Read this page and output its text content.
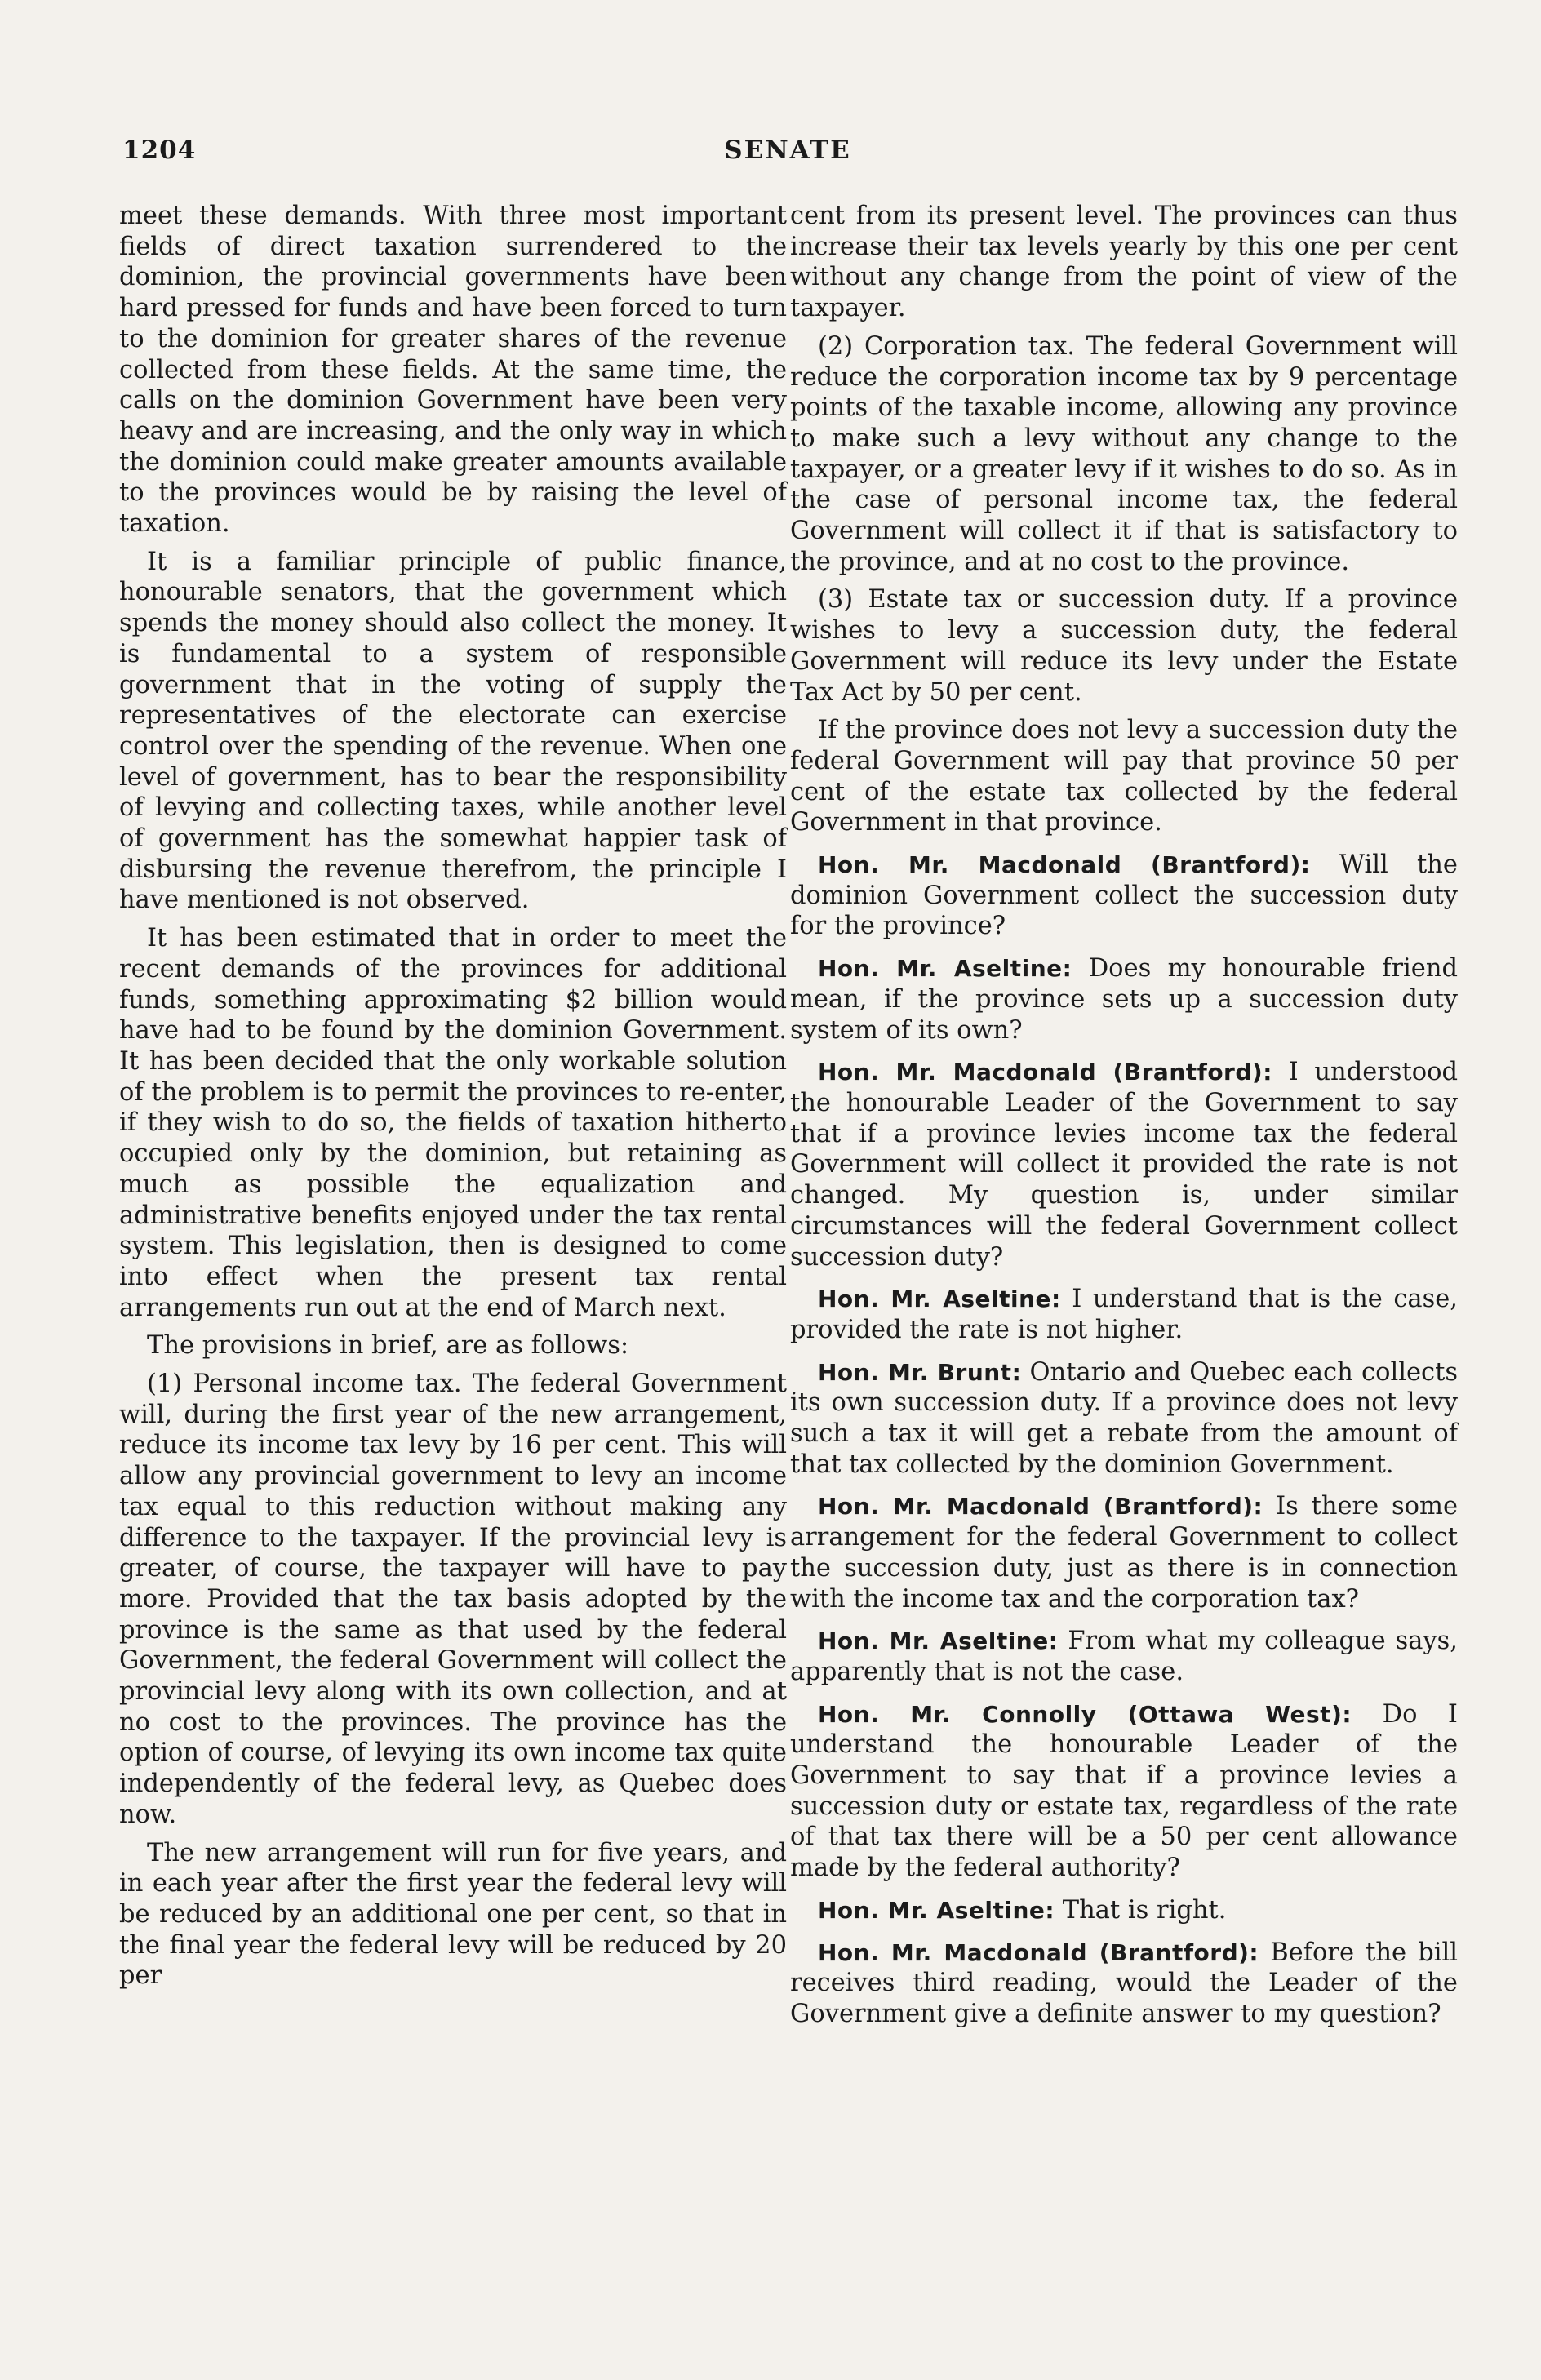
1204	SENATE

meet these demands. With three most important fields of direct taxation surrendered to the dominion, the provincial governments have been hard pressed for funds and have been forced to turn to the dominion for greater shares of the revenue collected from these fields. At the same time, the calls on the dominion Government have been very heavy and are increasing, and the only way in which the dominion could make greater amounts available to the provinces would be by raising the level of taxation.

It is a familiar principle of public finance, honourable senators, that the government which spends the money should also collect the money. It is fundamental to a system of responsible government that in the voting of supply the representatives of the electorate can exercise control over the spending of the revenue. When one level of government, has to bear the responsibility of levying and collecting taxes, while another level of government has the somewhat happier task of disbursing the revenue therefrom, the principle I have mentioned is not observed.

It has been estimated that in order to meet the recent demands of the provinces for additional funds, something approximating $2 billion would have had to be found by the dominion Government. It has been decided that the only workable solution of the problem is to permit the provinces to re-enter, if they wish to do so, the fields of taxation hitherto occupied only by the dominion, but retaining as much as possible the equalization and administrative benefits enjoyed under the tax rental system. This legislation, then is designed to come into effect when the present tax rental arrangements run out at the end of March next.

The provisions in brief, are as follows:

(1) Personal income tax. The federal Government will, during the first year of the new arrangement, reduce its income tax levy by 16 per cent. This will allow any provincial government to levy an income tax equal to this reduction without making any difference to the taxpayer. If the provincial levy is greater, of course, the taxpayer will have to pay more. Provided that the tax basis adopted by the province is the same as that used by the federal Government, the federal Government will collect the provincial levy along with its own collection, and at no cost to the provinces. The province has the option of course, of levying its own income tax quite independently of the federal levy, as Quebec does now.

The new arrangement will run for five years, and in each year after the first year the federal levy will be reduced by an additional one per cent, so that in the final year the federal levy will be reduced by 20 per

cent from its present level. The provinces can thus increase their tax levels yearly by this one per cent without any change from the point of view of the taxpayer.

(2) Corporation tax. The federal Government will reduce the corporation income tax by 9 percentage points of the taxable income, allowing any province to make such a levy without any change to the taxpayer, or a greater levy if it wishes to do so. As in the case of personal income tax, the federal Government will collect it if that is satisfactory to the province, and at no cost to the province.

(3) Estate tax or succession duty. If a province wishes to levy a succession duty, the federal Government will reduce its levy under the Estate Tax Act by 50 per cent.

If the province does not levy a succession duty the federal Government will pay that province 50 per cent of the estate tax collected by the federal Government in that province.

Hon. Mr. Macdonald (Brantford): Will the dominion Government collect the succession duty for the province?

Hon. Mr. Aseltine: Does my honourable friend mean, if the province sets up a succession duty system of its own?

Hon. Mr. Macdonald (Brantford): I understood the honourable Leader of the Government to say that if a province levies income tax the federal Government will collect it provided the rate is not changed. My question is, under similar circumstances will the federal Government collect succession duty?

Hon. Mr. Aseltine: I understand that is the case, provided the rate is not higher.

Hon. Mr. Brunt: Ontario and Quebec each collects its own succession duty. If a province does not levy such a tax it will get a rebate from the amount of that tax collected by the dominion Government.

Hon. Mr. Macdonald (Brantford): Is there some arrangement for the federal Government to collect the succession duty, just as there is in connection with the income tax and the corporation tax?

Hon. Mr. Aseltine: From what my colleague says, apparently that is not the case.

Hon. Mr. Connolly (Ottawa West): Do I understand the honourable Leader of the Government to say that if a province levies a succession duty or estate tax, regardless of the rate of that tax there will be a 50 per cent allowance made by the federal authority?

Hon. Mr. Aseltine: That is right.

Hon. Mr. Macdonald (Brantford): Before the bill receives third reading, would the Leader of the Government give a definite answer to my question?
